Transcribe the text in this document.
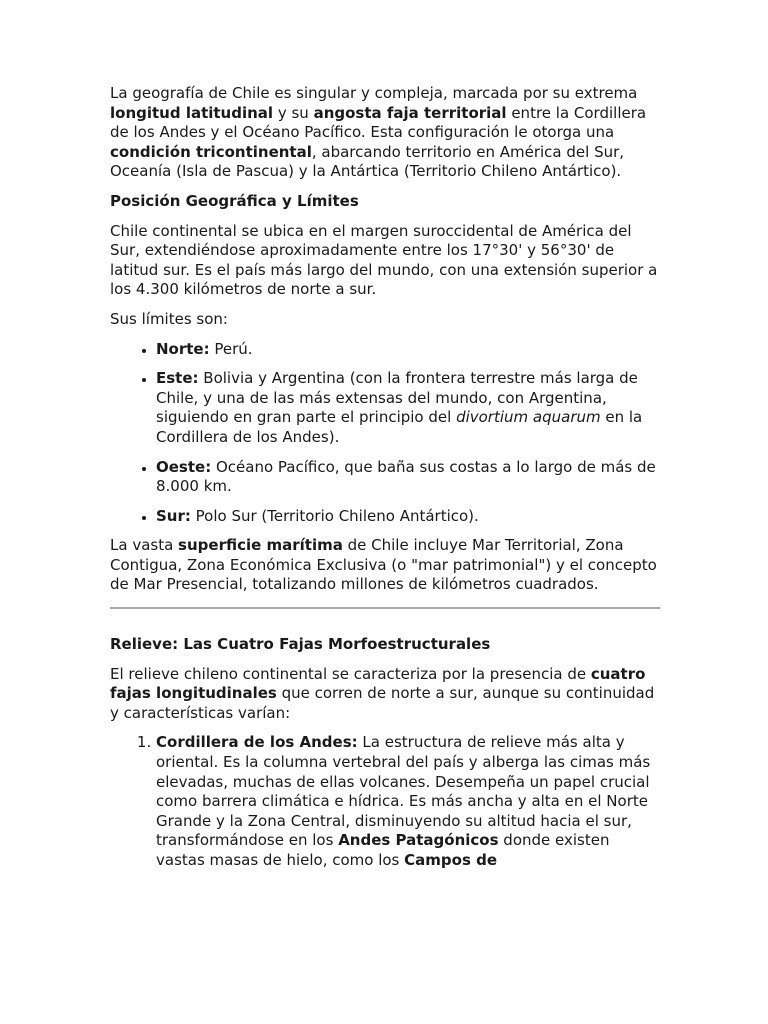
La geografía de Chile es singular y compleja, marcada por su extrema longitud latitudinal y su angosta faja territorial entre la Cordillera de los Andes y el Océano Pacífico. Esta configuración le otorga una condición tricontinental, abarcando territorio en América del Sur, Oceanía (Isla de Pascua) y la Antártica (Territorio Chileno Antártico).

Posición Geográfica y Límites

Chile continental se ubica en el margen suroccidental de América del Sur, extendiéndose aproximadamente entre los 17°30' y 56°30' de latitud sur. Es el país más largo del mundo, con una extensión superior a los 4.300 kilómetros de norte a sur.

Sus límites son:

• Norte: Perú.
• Este: Bolivia y Argentina (con la frontera terrestre más larga de Chile, y una de las más extensas del mundo, con Argentina, siguiendo en gran parte el principio del divortium aquarum en la Cordillera de los Andes).
• Oeste: Océano Pacífico, que baña sus costas a lo largo de más de 8.000 km.
• Sur: Polo Sur (Territorio Chileno Antártico).

La vasta superficie marítima de Chile incluye Mar Territorial, Zona Contigua, Zona Económica Exclusiva (o "mar patrimonial") y el concepto de Mar Presencial, totalizando millones de kilómetros cuadrados.

Relieve: Las Cuatro Fajas Morfoestructurales

El relieve chileno continental se caracteriza por la presencia de cuatro fajas longitudinales que corren de norte a sur, aunque su continuidad y características varían:

1. Cordillera de los Andes: La estructura de relieve más alta y oriental. Es la columna vertebral del país y alberga las cimas más elevadas, muchas de ellas volcanes. Desempeña un papel crucial como barrera climática e hídrica. Es más ancha y alta en el Norte Grande y la Zona Central, disminuyendo su altitud hacia el sur, transformándose en los Andes Patagónicos donde existen vastas masas de hielo, como los Campos de
